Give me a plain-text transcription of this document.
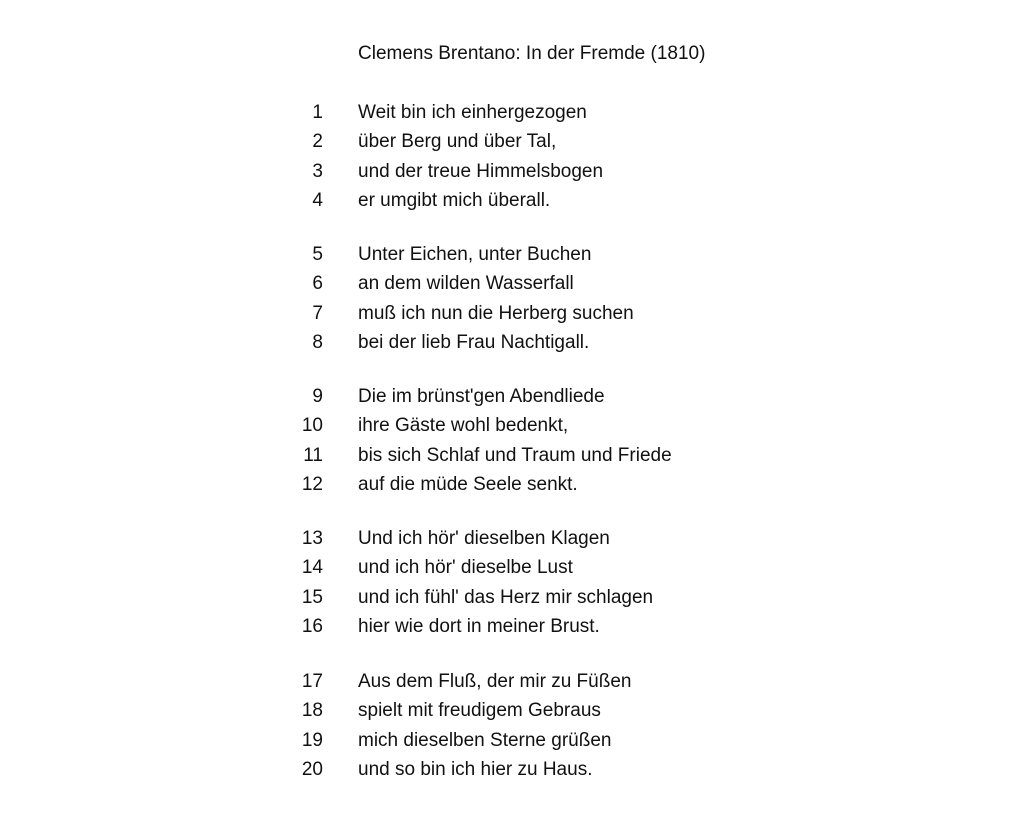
Clemens Brentano: In der Fremde (1810)
1 Weit bin ich einhergezogen
2 über Berg und über Tal,
3 und der treue Himmelsbogen
4 er umgibt mich überall.
5 Unter Eichen, unter Buchen
6 an dem wilden Wasserfall
7 muß ich nun die Herberg suchen
8 bei der lieb Frau Nachtigall.
9 Die im brünst'gen Abendliede
10 ihre Gäste wohl bedenkt,
11 bis sich Schlaf und Traum und Friede
12 auf die müde Seele senkt.
13 Und ich hör' dieselben Klagen
14 und ich hör' dieselbe Lust
15 und ich fühl' das Herz mir schlagen
16 hier wie dort in meiner Brust.
17 Aus dem Fluß, der mir zu Füßen
18 spielt mit freudigem Gebraus
19 mich dieselben Sterne grüßen
20 und so bin ich hier zu Haus.
